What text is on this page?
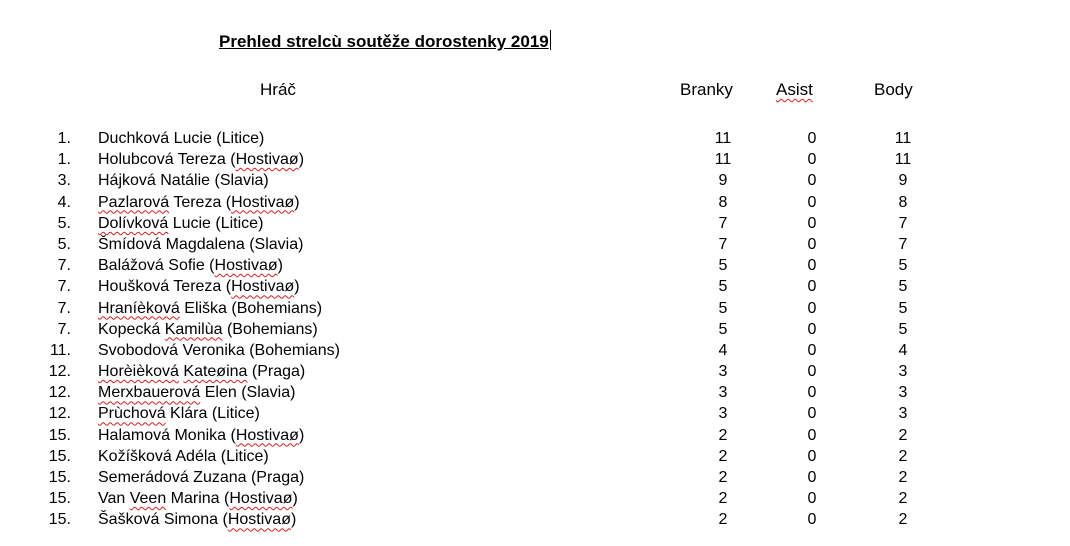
Prehled strelcù soutěže dorostenky 2019
Hráč	Branky	Asist	Body
1. Duchková Lucie (Litice)	11	0	11
1. Holubcová Tereza (Hostivaø)	11	0	11
3. Hájková Natálie (Slavia)	9	0	9
4. Pazlarová Tereza (Hostivaø)	8	0	8
5. Dolívková Lucie (Litice)	7	0	7
5. Šmídová Magdalena (Slavia)	7	0	7
7. Balážová Sofie (Hostivaø)	5	0	5
7. Houšková Tereza (Hostivaø)	5	0	5
7. Hraníèková Eliška (Bohemians)	5	0	5
7. Kopecká Kamilùa (Bohemians)	5	0	5
11. Svobodová Veronika (Bohemians)	4	0	4
12. Horèièková Kateøina (Praga)	3	0	3
12. Merxbauerová Elen (Slavia)	3	0	3
12. Prùchová Klára (Litice)	3	0	3
15. Halamová Monika (Hostivaø)	2	0	2
15. Kožíšková Adéla (Litice)	2	0	2
15. Semerádová Zuzana (Praga)	2	0	2
15. Van Veen Marina (Hostivaø)	2	0	2
15. Šašková Simona (Hostivaø)	2	0	2
